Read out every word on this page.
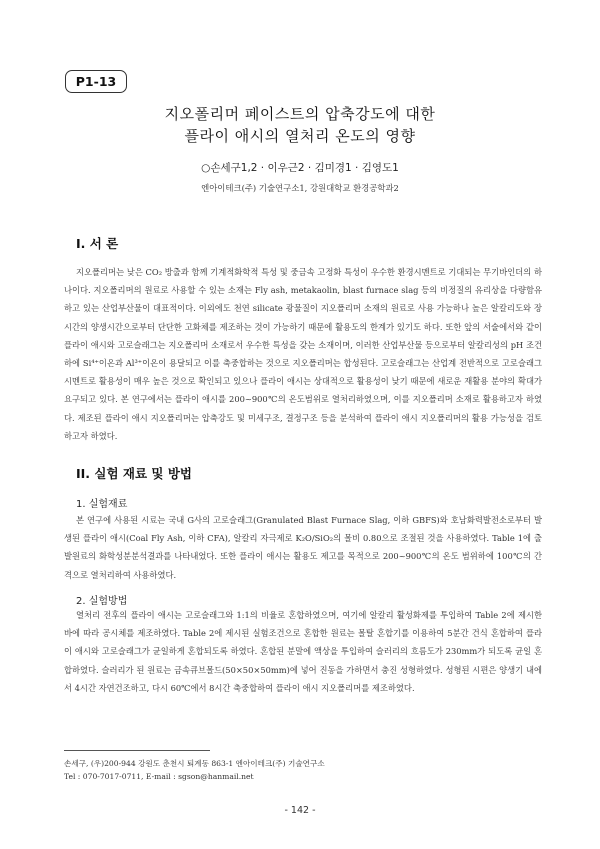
P1-13
지오폴리머 페이스트의 압축강도에 대한
플라이 애시의 열처리 온도의 영향
○손세구1,2 · 이우근2 · 김미경1 · 김영도1
엔아이테크(주) 기술연구소1, 강원대학교 환경공학과2
I. 서 론
지오폴리머는 낮은 CO₂ 방출과 함께 기계적화학적 특성 및 중금속 고정화 특성이 우수한 환경시멘트로 기대되는 무기바인더의 하나이다. 지오폴리머의 원료로 사용할 수 있는 소재는 Fly ash, metakaolin, blast furnace slag 등의 비정질의 유리상을 다량함유하고 있는 산업부산물이 대표적이다. 이외에도 천연 silicate 광물질이 지오폴리머 소재의 원료로 사용 가능하나 높은 알칼리도와 장시간의 양생시간으로부터 단단한 고화체를 제조하는 것이 가능하기 때문에 활용도의 한계가 있기도 하다. 또한 앞의 서술에서와 같이 플라이 애시와 고로슬래그는 지오폴리머 소재로서 우수한 특성을 갖는 소재이며, 이러한 산업부산물 등으로부터 알칼리성의 pH 조건하에 Si⁴⁺이온과 Al³⁺이온이 용달되고 이를 축중합하는 것으로 지오폴리머는 합성된다. 고로슬래그는 산업계 전반적으로 고로슬래그시멘트로 활용성이 매우 높은 것으로 확인되고 있으나 플라이 애시는 상대적으로 활용성이 낮기 때문에 새로운 재활용 분야의 확대가 요구되고 있다. 본 연구에서는 플라이 애시를 200~900℃의 온도범위로 열처리하였으며, 이를 지오폴리머 소재로 활용하고자 하였다. 제조된 플라이 애시 지오폴리머는 압축강도 및 미세구조, 결정구조 등을 분석하여 플라이 애시 지오폴리머의 활용 가능성을 검토하고자 하였다.
II. 실험 재료 및 방법
1. 실험재료
본 연구에 사용된 시료는 국내 G사의 고로슬래그(Granulated Blast Furnace Slag, 이하 GBFS)와 호남화력발전소로부터 발생된 플라이 애시(Coal Fly Ash, 이하 CFA), 알칼리 자극제로 K₂O/SiO₂의 몰비 0.80으로 조절된 것을 사용하였다. Table 1에 출발원료의 화학성분분석결과를 나타내었다. 또한 플라이 애시는 활용도 제고를 목적으로 200~900℃의 온도 범위하에 100℃의 간격으로 열처리하여 사용하였다.
2. 실험방법
열처리 전후의 플라이 애시는 고로슬래그와 1:1의 비율로 혼합하였으며, 여기에 알칼리 활성화제를 투입하여 Table 2에 제시한 바에 따라 공시체를 제조하였다. Table 2에 제시된 실험조건으로 혼합한 원료는 몰탈 혼합기를 이용하여 5분간 건식 혼합하여 플라이 애시와 고로슬래그가 균일하게 혼합되도록 하였다. 혼합된 분말에 액상을 투입하여 슬러리의 흐름도가 230mm가 되도록 균일 혼합하였다. 슬러리가 된 원료는 금속큐브몰드(50×50×50mm)에 넣어 진동을 가하면서 충진 성형하였다. 성형된 시편은 양생기 내에서 4시간 자연건조하고, 다시 60℃에서 8시간 축중합하여 플라이 애시 지오폴리머를 제조하였다.
손세구, (우)200-944 강원도 춘천시 퇴계동 863-1 엔아이테크(주) 기술연구소
Tel : 070-7017-0711, E-mail : sgson@hanmail.net
- 142 -
